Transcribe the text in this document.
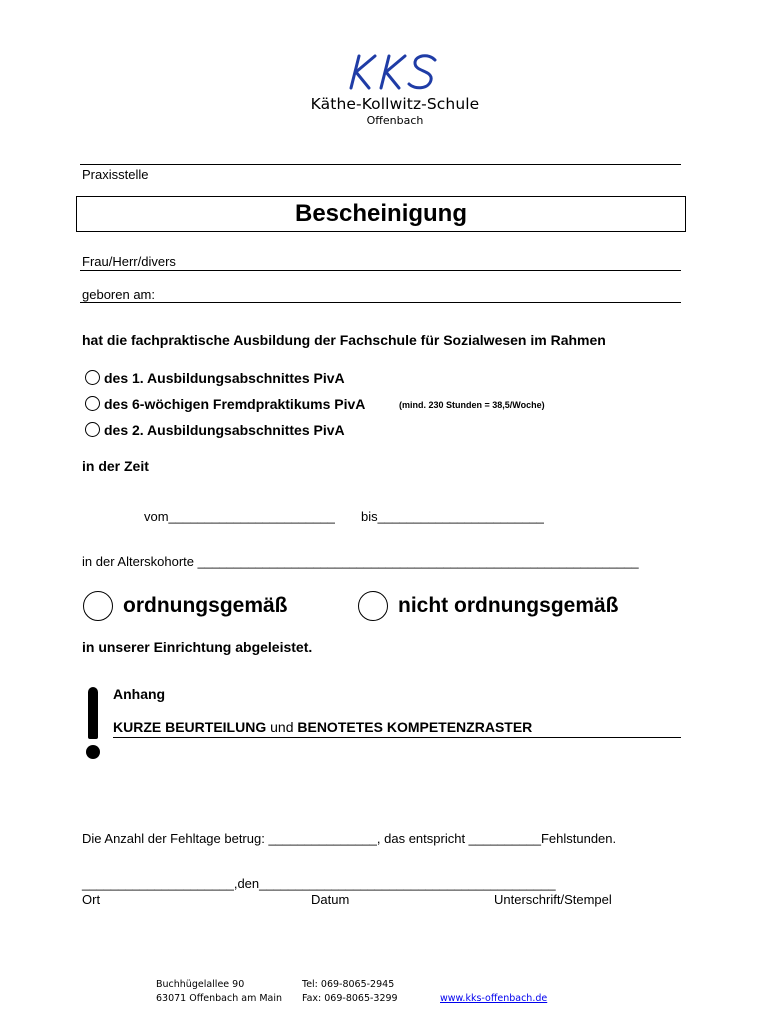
Käthe-Kollwitz-Schule
Offenbach
Praxisstelle
Bescheinigung
Frau/Herr/divers
geboren am:
hat die fachpraktische Ausbildung der Fachschule für Sozialwesen im Rahmen
des 1. Ausbildungsabschnittes PivA
des 6-wöchigen Fremdpraktikums PivA	(mind. 230 Stunden = 38,5/Woche)
des 2. Ausbildungsabschnittes PivA
in der Zeit
vom_______________________ bis_______________________
in der Alterskohorte _____________________________________________________________
ordnungsgemäß	nicht ordnungsgemäß
in unserer Einrichtung abgeleistet.
Anhang
KURZE BEURTEILUNG und BENOTETES KOMPETENZRASTER
Die Anzahl der Fehltage betrug: _______________, das entspricht __________Fehlstunden.
_____________________,den_________________________________________
Ort	Datum	Unterschrift/Stempel
Buchhügelallee 90
63071 Offenbach am Main
Tel: 069-8065-2945
Fax: 069-8065-3299	www.kks-offenbach.de
